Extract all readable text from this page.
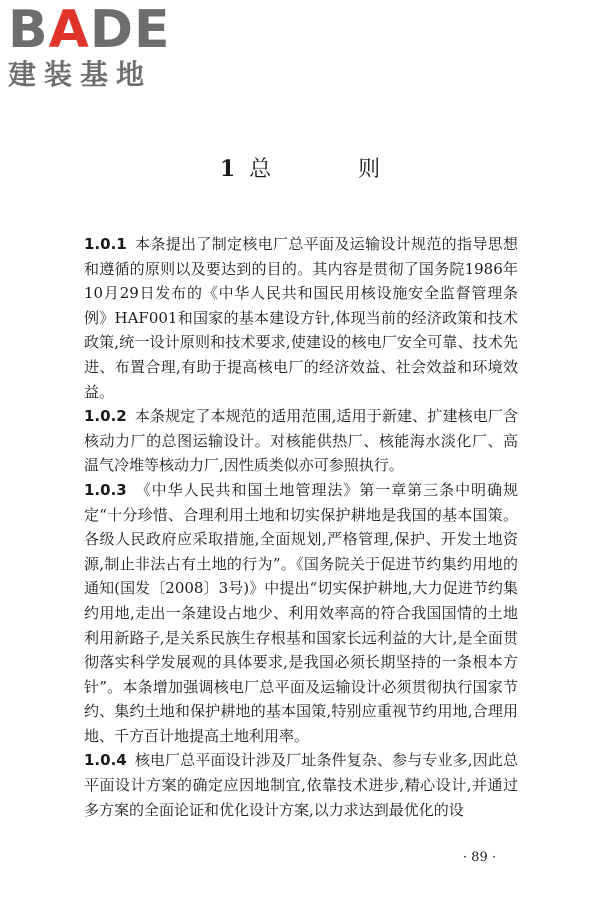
BADE
建装基地
1 总 则

1.0.1 本条提出了制定核电厂总平面及运输设计规范的指导思想和遵循的原则以及要达到的目的。其内容是贯彻了国务院1986年10月29日发布的《中华人民共和国民用核设施安全监督管理条例》HAF001和国家的基本建设方针,体现当前的经济政策和技术政策,统一设计原则和技术要求,使建设的核电厂安全可靠、技术先进、布置合理,有助于提高核电厂的经济效益、社会效益和环境效益。

1.0.2 本条规定了本规范的适用范围,适用于新建、扩建核电厂含核动力厂的总图运输设计。对核能供热厂、核能海水淡化厂、高温气冷堆等核动力厂,因性质类似亦可参照执行。

1.0.3 《中华人民共和国土地管理法》第一章第三条中明确规定“十分珍惜、合理利用土地和切实保护耕地是我国的基本国策。各级人民政府应采取措施,全面规划,严格管理,保护、开发土地资源,制止非法占有土地的行为”。《国务院关于促进节约集约用地的通知(国发〔2008〕3号)》中提出“切实保护耕地,大力促进节约集约用地,走出一条建设占地少、利用效率高的符合我国国情的土地利用新路子,是关系民族生存根基和国家长远利益的大计,是全面贯彻落实科学发展观的具体要求,是我国必须长期坚持的一条根本方针”。本条增加强调核电厂总平面及运输设计必须贯彻执行国家节约、集约土地和保护耕地的基本国策,特别应重视节约用地,合理用地、千方百计地提高土地利用率。

1.0.4 核电厂总平面设计涉及厂址条件复杂、参与专业多,因此总平面设计方案的确定应因地制宜,依靠技术进步,精心设计,并通过多方案的全面论证和优化设计方案,以力求达到最优化的设

· 89 ·
